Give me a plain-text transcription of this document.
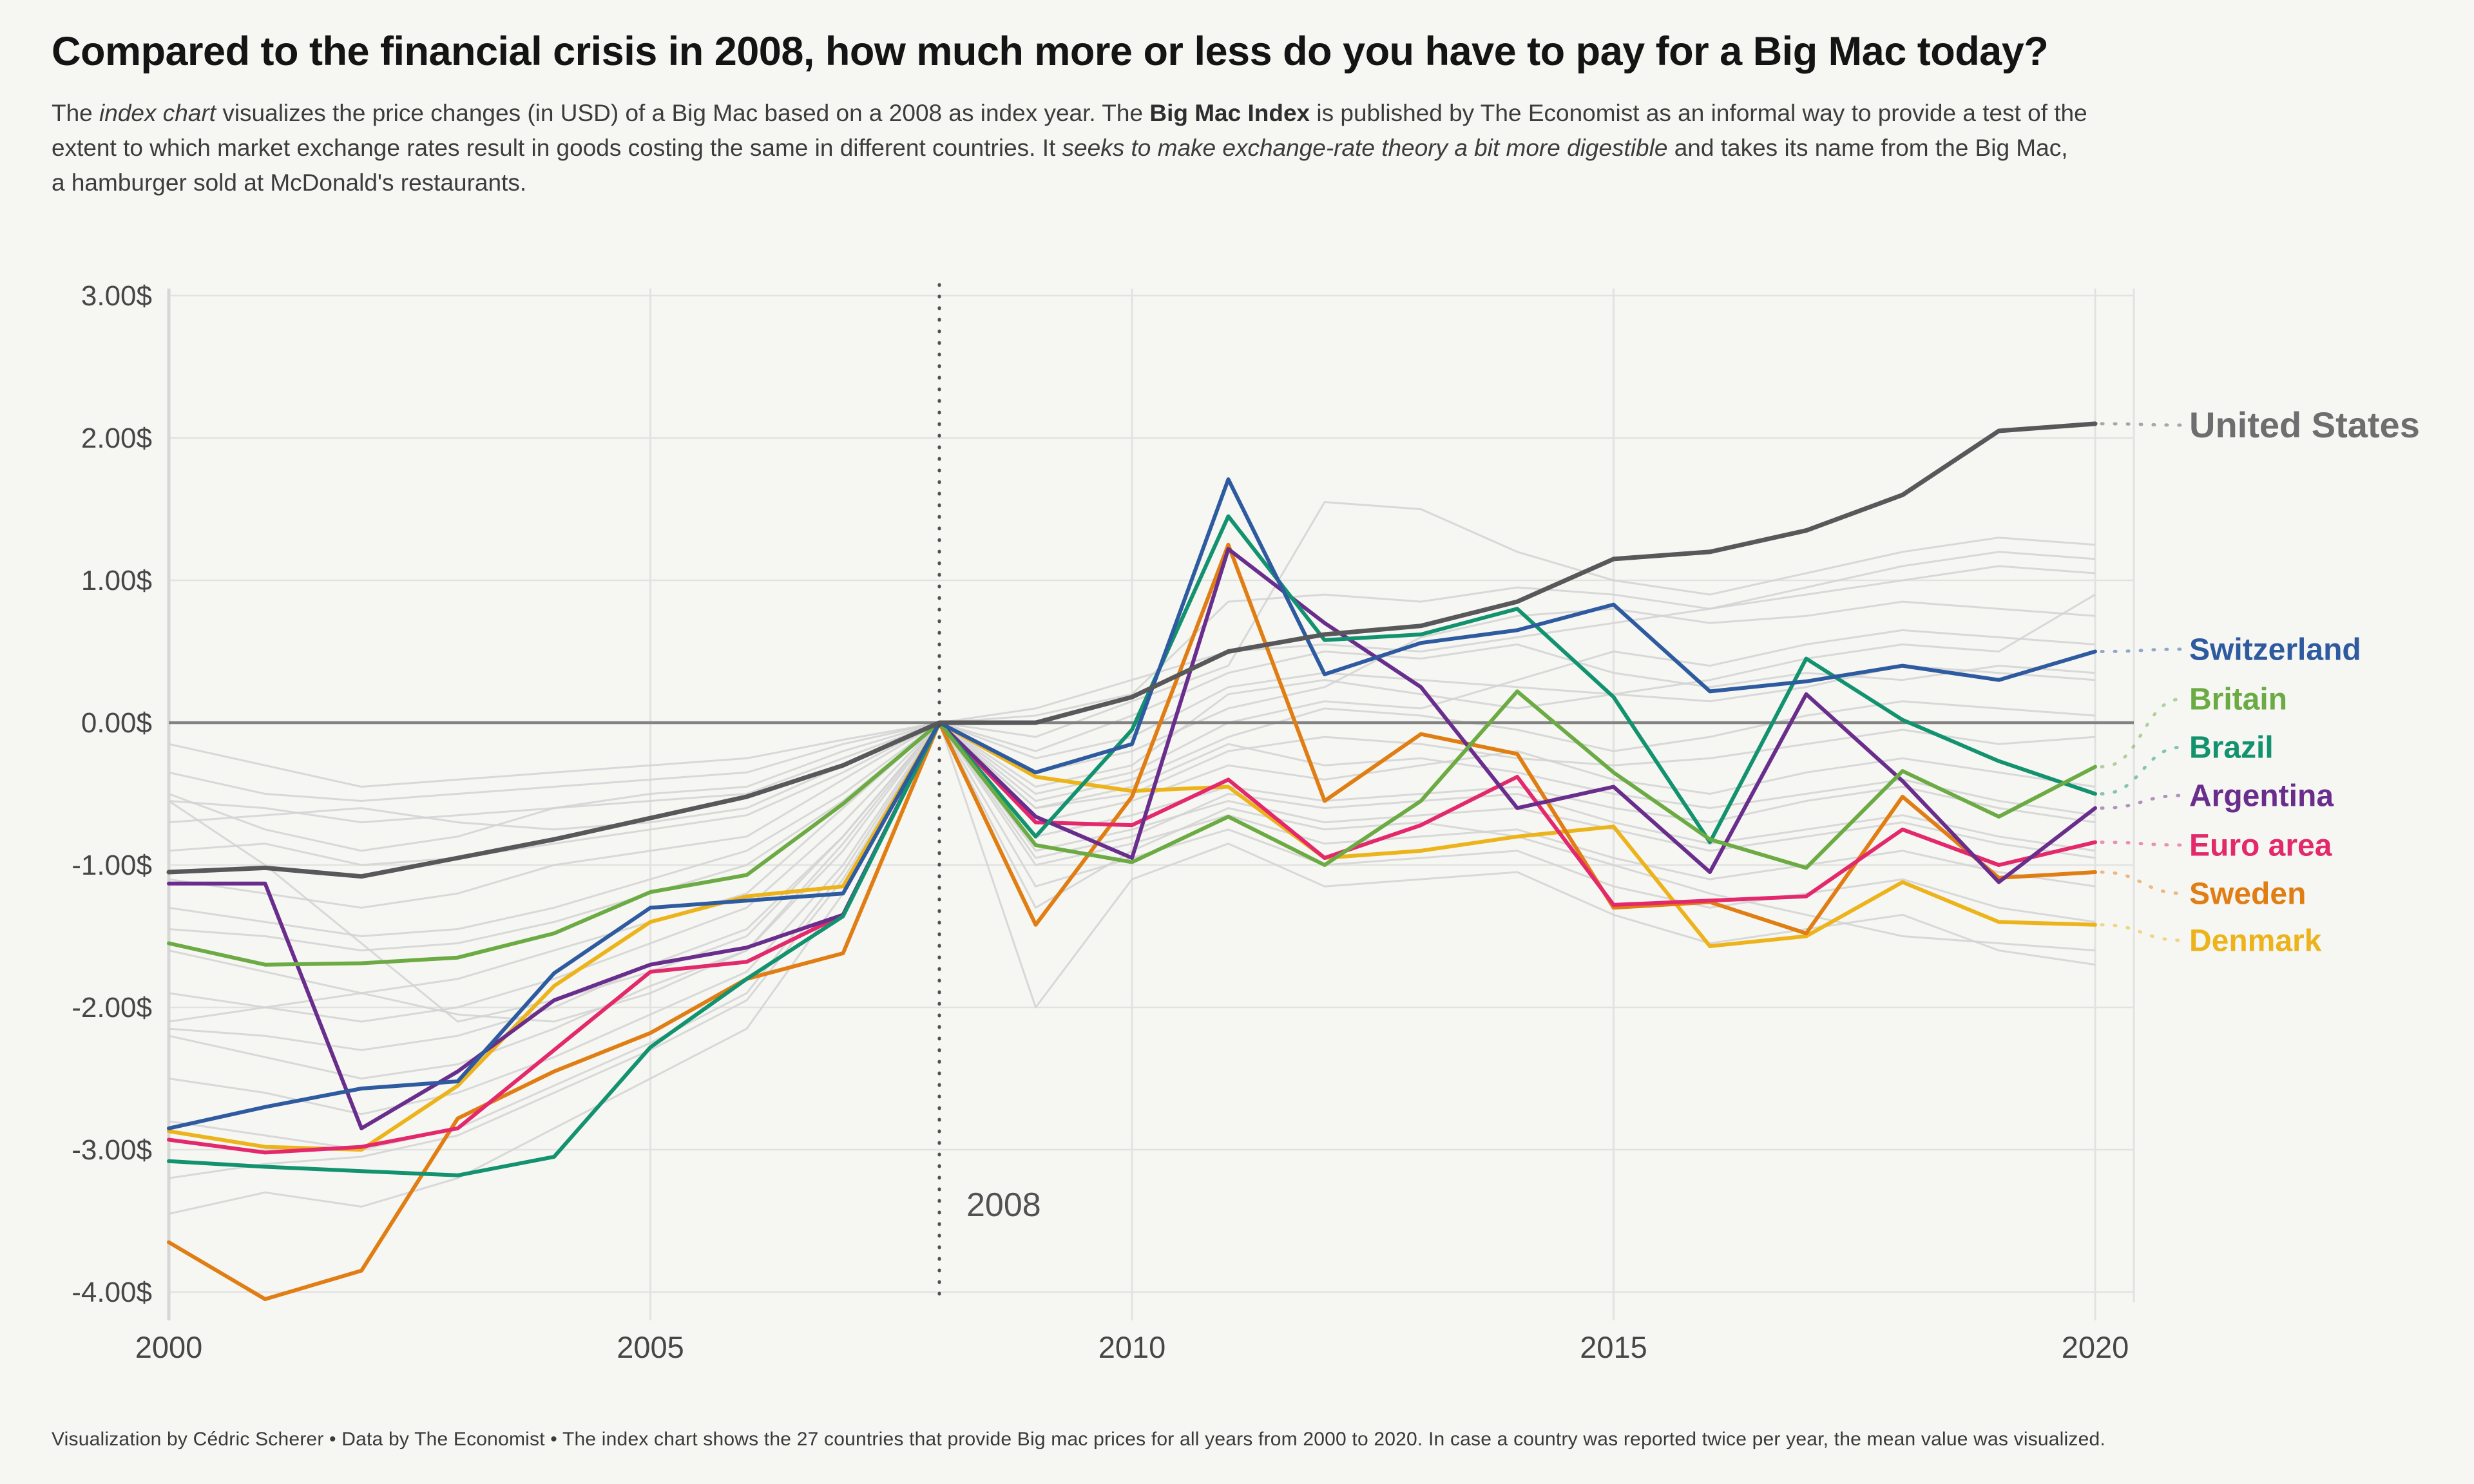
Compared to the financial crisis in 2008, how much more or less do you have to pay for a Big Mac today?

The index chart visualizes the price changes (in USD) of a Big Mac based on a 2008 as index year. The Big Mac Index is published by The Economist as an informal way to provide a test of the
extent to which market exchange rates result in goods costing the same in different countries. It seeks to make exchange-rate theory a bit more digestible and takes its name from the Big Mac,
a hamburger sold at McDonald's restaurants.

2008
3.00$
2.00$
1.00$
0.00$
-1.00$
-2.00$
-3.00$
-4.00$
2000	2005	2010	2015	2020
United States
Switzerland
Britain
Brazil
Argentina
Euro area
Sweden
Denmark
Visualization by Cédric Scherer • Data by The Economist • The index chart shows the 27 countries that provide Big mac prices for all years from 2000 to 2020. In case a country was reported twice per year, the mean value was visualized.
